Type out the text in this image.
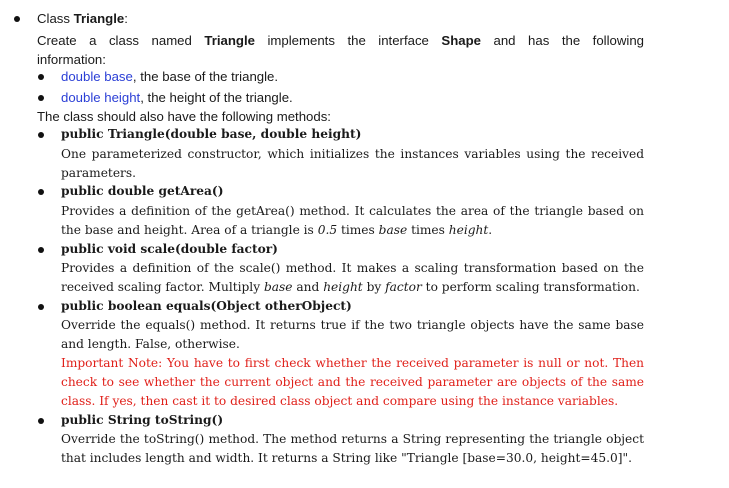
Class Triangle:
Create a class named Triangle implements the interface Shape and has the following
information:
double base, the base of the triangle.
double height, the height of the triangle.
The class should also have the following methods:
public Triangle(double base, double height)
One parameterized constructor, which initializes the instances variables using the received
parameters.
public double getArea()
Provides a definition of the getArea() method. It calculates the area of the triangle based on
the base and height. Area of a triangle is 0.5 times base times height.
public void scale(double factor)
Provides a definition of the scale() method. It makes a scaling transformation based on the
received scaling factor. Multiply base and height by factor to perform scaling transformation.
public boolean equals(Object otherObject)
Override the equals() method. It returns true if the two triangle objects have the same base
and length. False, otherwise.
Important Note: You have to first check whether the received parameter is null or not. Then
check to see whether the current object and the received parameter are objects of the same
class. If yes, then cast it to desired class object and compare using the instance variables.
public String toString()
Override the toString() method. The method returns a String representing the triangle object
that includes length and width. It returns a String like "Triangle [base=30.0, height=45.0]".
